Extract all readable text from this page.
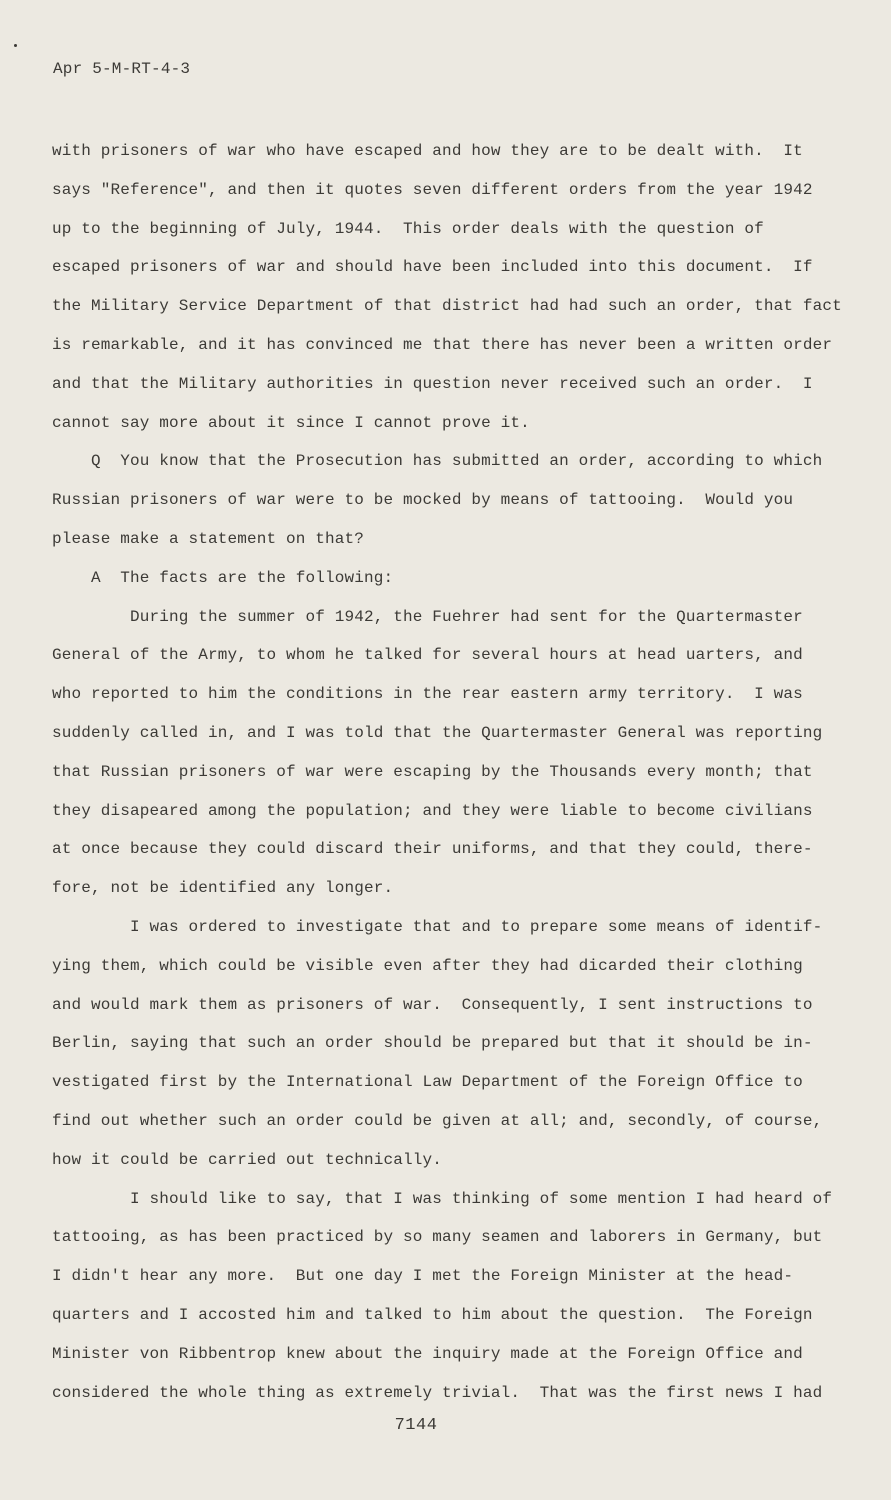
Apr 5-M-RT-4-3
with prisoners of war who have escaped and how they are to be dealt with.  It
says "Reference", and then it quotes seven different orders from the year 1942
up to the beginning of July, 1944.  This order deals with the question of
escaped prisoners of war and should have been included into this document.  If
the Military Service Department of that district had had such an order, that fact
is remarkable, and it has convinced me that there has never been a written order
and that the Military authorities in question never received such an order.  I
cannot say more about it since I cannot prove it.
Q  You know that the Prosecution has submitted an order, according to which
Russian prisoners of war were to be mocked by means of tattooing.  Would you
please make a statement on that?
A  The facts are the following:
During the summer of 1942, the Fuehrer had sent for the Quartermaster
General of the Army, to whom he talked for several hours at head uarters, and
who reported to him the conditions in the rear eastern army territory.  I was
suddenly called in, and I was told that the Quartermaster General was reporting
that Russian prisoners of war were escaping by the Thousands every month; that
they disapeared among the population; and they were liable to become civilians
at once because they could discard their uniforms, and that they could, there-
fore, not be identified any longer.
I was ordered to investigate that and to prepare some means of identif-
ying them, which could be visible even after they had dicarded their clothing
and would mark them as prisoners of war.  Consequently, I sent instructions to
Berlin, saying that such an order should be prepared but that it should be in-
vestigated first by the International Law Department of the Foreign Office to
find out whether such an order could be given at all; and, secondly, of course,
how it could be carried out technically.
I should like to say, that I was thinking of some mention I had heard of
tattooing, as has been practiced by so many seamen and laborers in Germany, but
I didn't hear any more.  But one day I met the Foreign Minister at the head-
quarters and I accosted him and talked to him about the question.  The Foreign
Minister von Ribbentrop knew about the inquiry made at the Foreign Office and
considered the whole thing as extremely trivial.  That was the first news I had
7144
